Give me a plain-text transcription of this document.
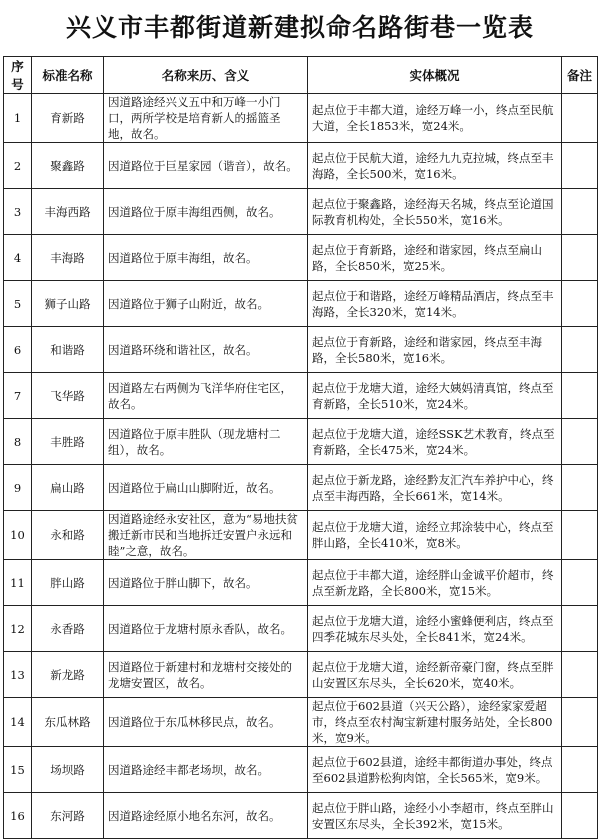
兴义市丰都街道新建拟命名路街巷一览表
序号	标准名称	名称来历、含义	实体概况	备注
1	育新路	因道路途经兴义五中和万峰一小门口，两所学校是培育新人的摇篮圣地，故名。	起点位于丰都大道，途经万峰一小，终点至民航大道，全长1853米，宽24米。	
2	聚鑫路	因道路位于巨星家园（谐音），故名。	起点位于民航大道，途经九九克拉城，终点至丰海路，全长500米，宽16米。	
3	丰海西路	因道路位于原丰海组西侧，故名。	起点位于聚鑫路，途经海天名城，终点至论道国际教育机构处，全长550米，宽16米。	
4	丰海路	因道路位于原丰海组，故名。	起点位于育新路，途经和谐家园，终点至扁山路，全长850米，宽25米。	
5	狮子山路	因道路位于狮子山附近，故名。	起点位于和谐路，途经万峰精品酒店，终点至丰海路，全长320米，宽14米。	
6	和谐路	因道路环绕和谐社区，故名。	起点位于育新路，途经和谐家园，终点至丰海路，全长580米，宽16米。	
7	飞华路	因道路左右两侧为飞洋华府住宅区，故名。	起点位于龙塘大道，途经大姨妈清真馆，终点至育新路，全长510米，宽24米。	
8	丰胜路	因道路位于原丰胜队（现龙塘村二组），故名。	起点位于龙塘大道，途经SSK艺术教育，终点至育新路，全长475米，宽24米。	
9	扁山路	因道路位于扁山山脚附近，故名。	起点位于新龙路，途经黔友汇汽车养护中心，终点至丰海西路，全长661米，宽14米。	
10	永和路	因道路途经永安社区，意为“易地扶贫搬迁新市民和当地拆迁安置户永远和睦”之意，故名。	起点位于龙塘大道，途经立邦涂装中心，终点至胖山路，全长410米，宽8米。	
11	胖山路	因道路位于胖山脚下，故名。	起点位于丰都大道，途经胖山金诚平价超市，终点至新龙路，全长800米，宽15米。	
12	永香路	因道路位于龙塘村原永香队，故名。	起点位于龙塘大道，途经小蜜蜂便利店，终点至四季花城东尽头处，全长841米，宽24米。	
13	新龙路	因道路位于新建村和龙塘村交接处的龙塘安置区，故名。	起点位于龙塘大道，途经新帝豪门窗，终点至胖山安置区东尽头，全长620米，宽40米。	
14	东瓜林路	因道路位于东瓜林移民点，故名。	起点位于602县道（兴天公路），途经家家爱超市，终点至农村淘宝新建村服务站处，全长800米，宽9米。	
15	场坝路	因道路途经丰都老场坝，故名。	起点位于602县道，途经丰都街道办事处，终点至602县道黔松狗肉馆，全长565米，宽9米。	
16	东河路	因道路途经原小地名东河，故名。	起点位于胖山路，途经小小李超市，终点至胖山安置区东尽头，全长392米，宽15米。	
